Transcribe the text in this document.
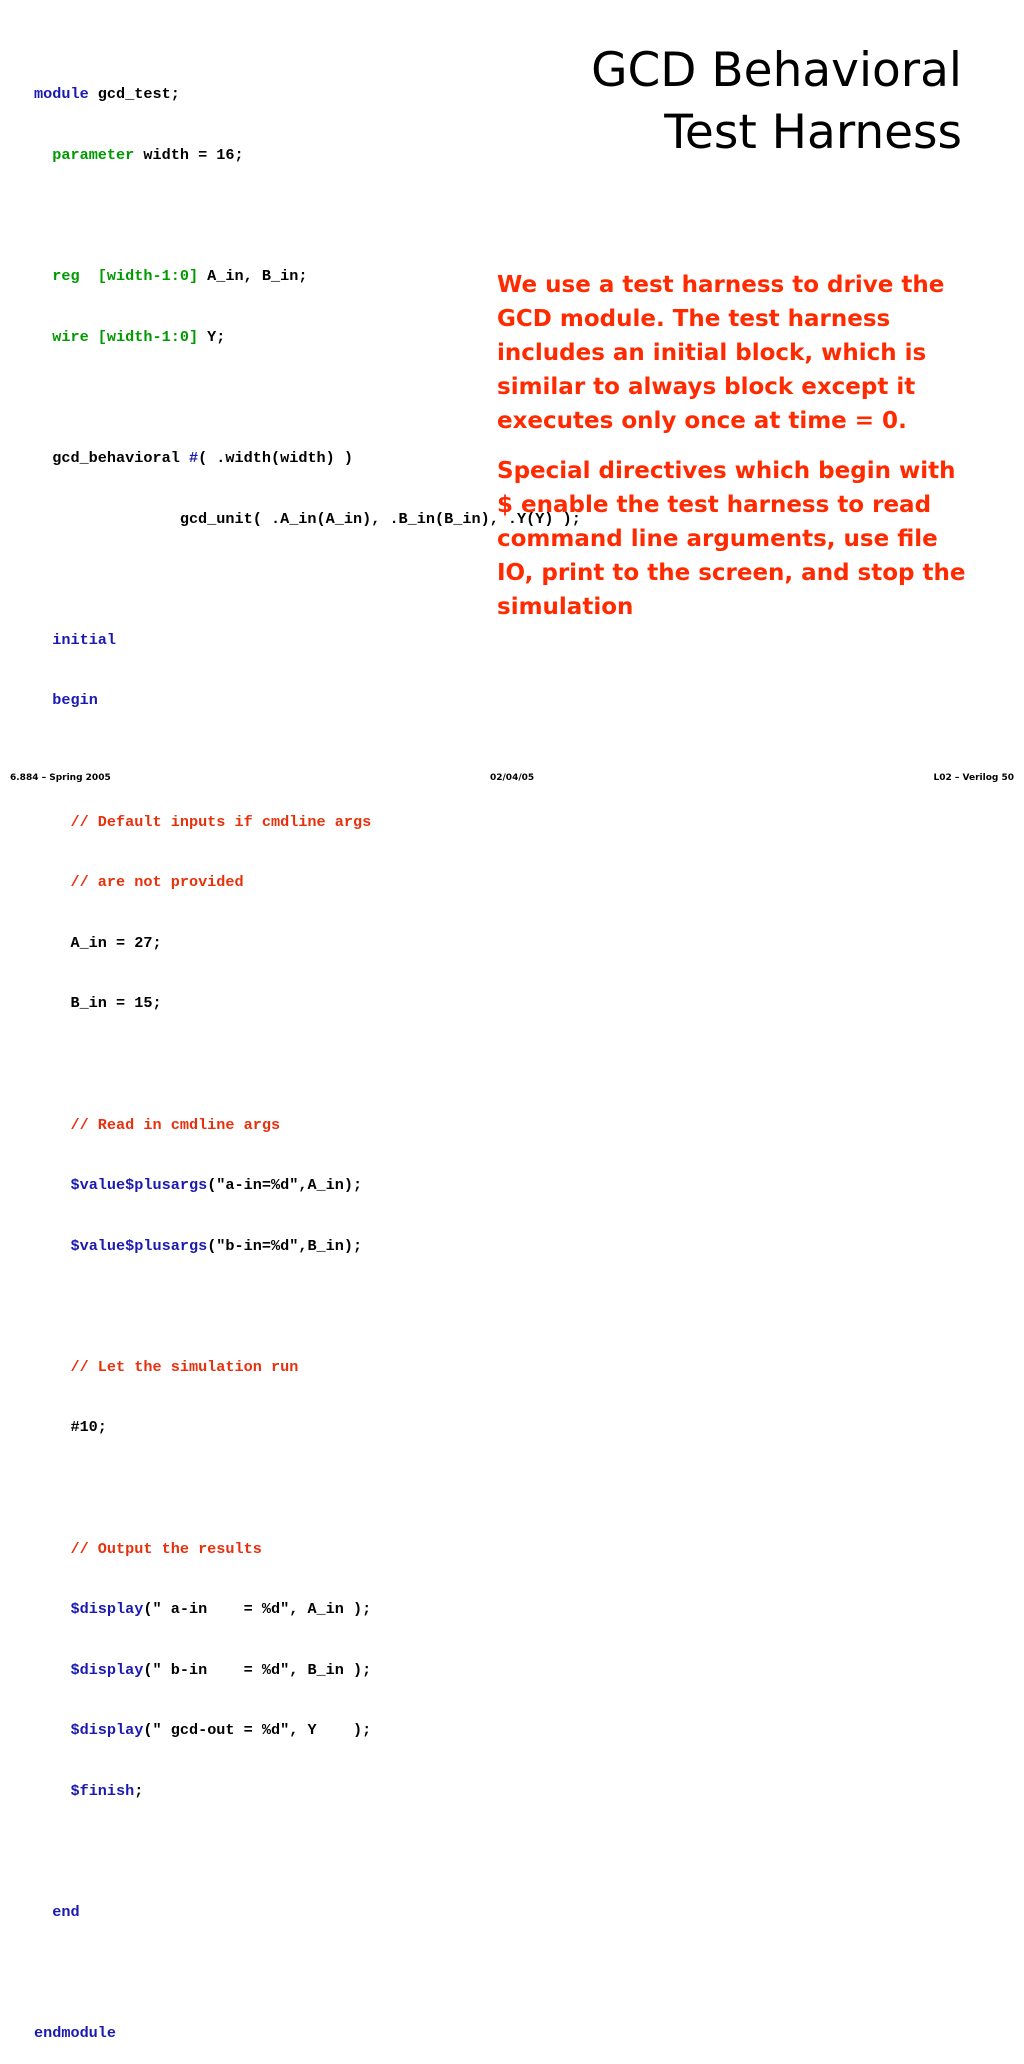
GCD Behavioral
Test Harness

module gcd_test;

parameter width = 16;

reg  [width-1:0] A_in, B_in;

wire [width-1:0] Y;

gcd_behavioral #( .width(width) )

gcd_unit( .A_in(A_in), .B_in(B_in), .Y(Y) );

initial

begin

// Default inputs if cmdline args

// are not provided

A_in = 27;

B_in = 15;

// Read in cmdline args

$value$plusargs("a-in=%d",A_in);

$value$plusargs("b-in=%d",B_in);

// Let the simulation run

#10;

// Output the results

$display(" a-in    = %d", A_in );

$display(" b-in    = %d", B_in );

$display(" gcd-out = %d", Y    );

$finish;

end

endmodule

We use a test harness to drive the GCD module. The test harness includes an initial block, which is similar to always block except it executes only once at time = 0.

Special directives which begin with $ enable the test harness to read command line arguments, use file IO, print to the screen, and stop the simulation

6.884 – Spring 2005	02/04/05	L02 – Verilog 50
